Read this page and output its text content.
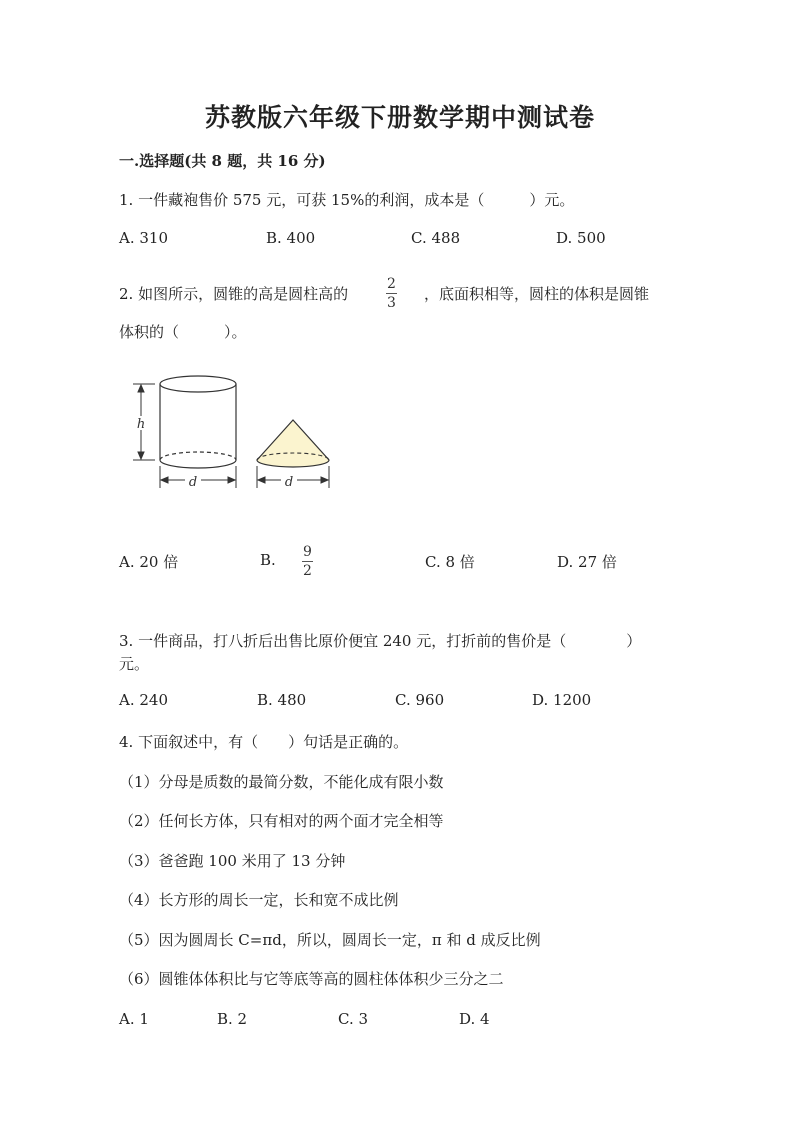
苏教版六年级下册数学期中测试卷
一.选择题(共 8 题，共 16 分)
1. 一件藏袍售价 575 元，可获 15%的利润，成本是（　　　）元。
A. 310	B. 400	C. 488	D. 500
2. 如图所示，圆锥的高是圆柱高的
2
3 ，底面积相等，圆柱的体积是圆锥
体积的（　　　）。
h
d	d
A. 20 倍	B. 9
2	C. 8 倍	D. 27 倍
3. 一件商品，打八折后出售比原价便宜 240 元，打折前的售价是（　　　　）
元。
A. 240	B. 480	C. 960	D. 1200
4. 下面叙述中，有（　　）句话是正确的。
（1）分母是质数的最简分数，不能化成有限小数
（2）任何长方体，只有相对的两个面才完全相等
（3）爸爸跑 100 米用了 13 分钟
（4）长方形的周长一定，长和宽不成比例
（5）因为圆周长 C=πd，所以，圆周长一定，π 和 d 成反比例
（6）圆锥体体积比与它等底等高的圆柱体体积少三分之二
A. 1	B. 2	C. 3	D. 4
